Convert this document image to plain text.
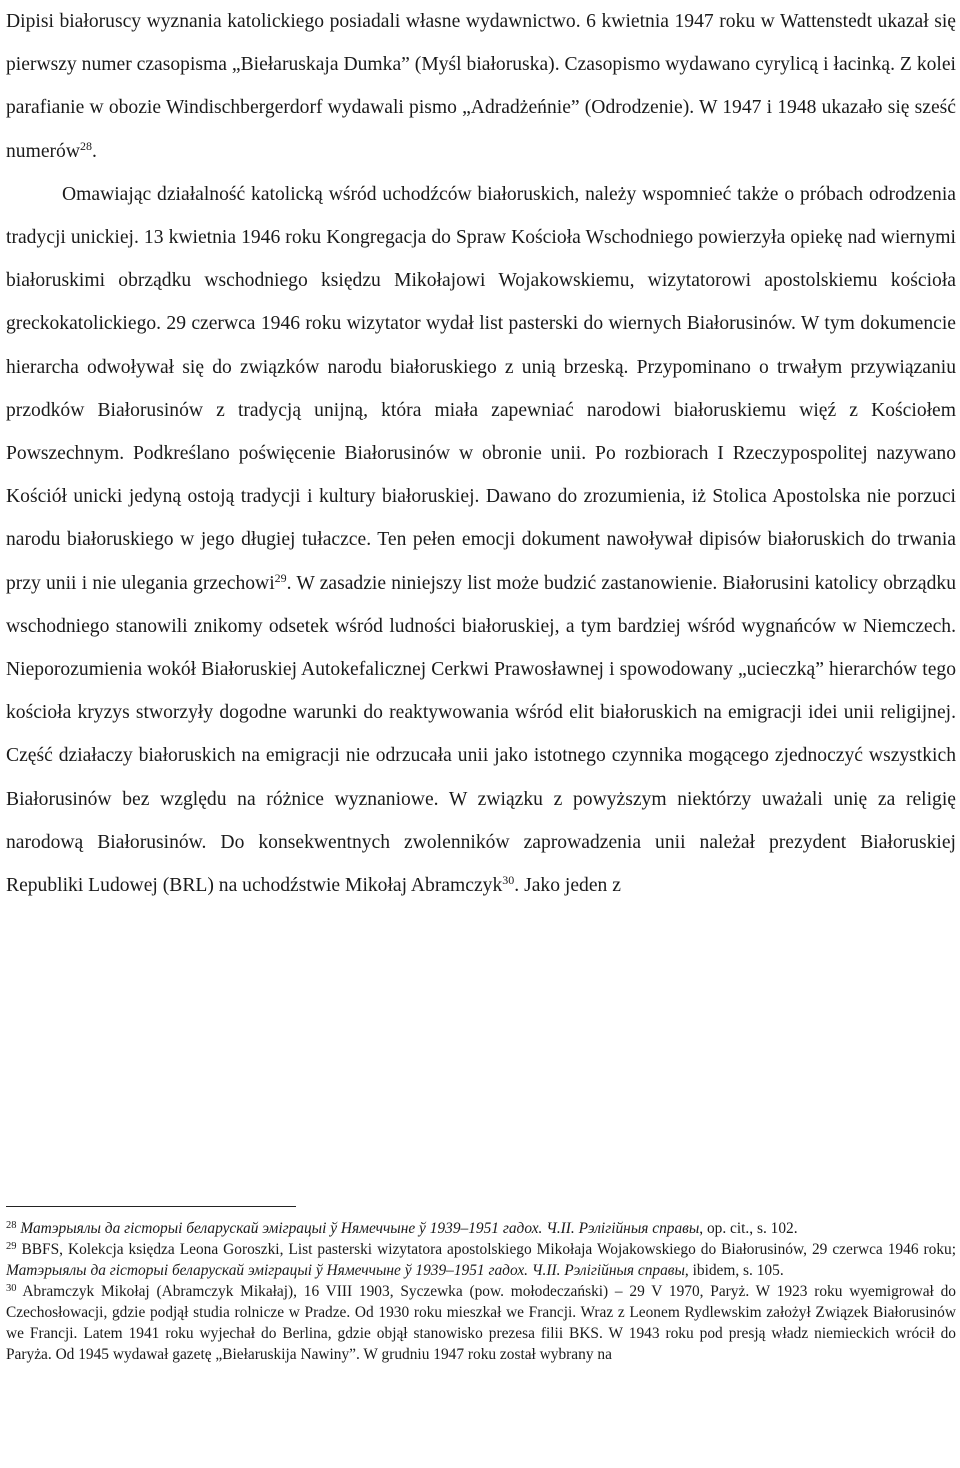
Dipisi białoruscy wyznania katolickiego posiadali własne wydawnictwo. 6 kwietnia 1947 roku w Wattenstedt ukazał się pierwszy numer czasopisma „Biełaruskaja Dumka” (Myśl białoruska). Czasopismo wydawano cyrylicą i łacinką. Z kolei parafianie w obozie Windischbergerdorf wydawali pismo „Adradżeńnie” (Odrodzenie). W 1947 i 1948 ukazało się sześć numerów$^{28}$.

Omawiając działalność katolicką wśród uchodźców białoruskich, należy wspomnieć także o próbach odrodzenia tradycji unickiej. 13 kwietnia 1946 roku Kongregacja do Spraw Kościoła Wschodniego powierzyła opiekę nad wiernymi białoruskimi obrządku wschodniego księdzu Mikołajowi Wojakowskiemu, wizytatorowi apostolskiemu kościoła greckokatolickiego. 29 czerwca 1946 roku wizytator wydał list pasterski do wiernych Białorusinów. W tym dokumencie hierarcha odwoływał się do związków narodu białoruskiego z unią brzeską. Przypominano o trwałym przywiązaniu przodków Białorusinów z tradycją unijną, która miała zapewniać narodowi białoruskiemu więź z Kościołem Powszechnym. Podkreślano poświęcenie Białorusinów w obronie unii. Po rozbiorach I Rzeczypospolitej nazywano Kościół unicki jedyną ostoją tradycji i kultury białoruskiej. Dawano do zrozumienia, iż Stolica Apostolska nie porzuci narodu białoruskiego w jego długiej tułaczce. Ten pełen emocji dokument nawoływał dipisów białoruskich do trwania przy unii i nie ulegania grzechowi$^{29}$. W zasadzie niniejszy list może budzić zastanowienie. Białorusini katolicy obrządku wschodniego stanowili znikomy odsetek wśród ludności białoruskiej, a tym bardziej wśród wygnańców w Niemczech. Nieporozumienia wokół Białoruskiej Autokefalicznej Cerkwi Prawosławnej i spowodowany „ucieczką” hierarchów tego kościoła kryzys stworzyły dogodne warunki do reaktywowania wśród elit białoruskich na emigracji idei unii religijnej. Część działaczy białoruskich na emigracji nie odrzucała unii jako istotnego czynnika mogącego zjednoczyć wszystkich Białorusinów bez względu na różnice wyznaniowe. W związku z powyższym niektórzy uważali unię za religię narodową Białorusinów. Do konsekwentnych zwolenników zaprowadzenia unii należał prezydent Białoruskiej Republiki Ludowej (BRL) na uchodźstwie Mikołaj Abramczyk$^{30}$. Jako jeden z

$^{28}$ Матэрыялы да гісторыі беларускай эміграцыі ў Нямеччыне ў 1939–1951 гадох. Ч.II. Рэлігійныя справы, op. cit., s. 102.

$^{29}$ BBFS, Kolekcja księdza Leona Goroszki, List pasterski wizytatora apostolskiego Mikołaja Wojakowskiego do Białorusinów, 29 czerwca 1946 roku; Матэрыялы да гісторыі беларускай эміграцыі ў Нямеччыне ў 1939–1951 гадох. Ч.II. Рэлігійныя справы, ibidem, s. 105.

$^{30}$ Abramczyk Mikołaj (Abramczyk Mikałaj), 16 VIII 1903, Syczewka (pow. mołodeczański) – 29 V 1970, Paryż. W 1923 roku wyemigrował do Czechosłowacji, gdzie podjął studia rolnicze w Pradze. Od 1930 roku mieszkał we Francji. Wraz z Leonem Rydlewskim założył Związek Białorusinów we Francji. Latem 1941 roku wyjechał do Berlina, gdzie objął stanowisko prezesa filii BKS. W 1943 roku pod presją władz niemieckich wrócił do Paryża. Od 1945 wydawał gazetę „Biełaruskija Nawiny”. W grudniu 1947 roku został wybrany na
